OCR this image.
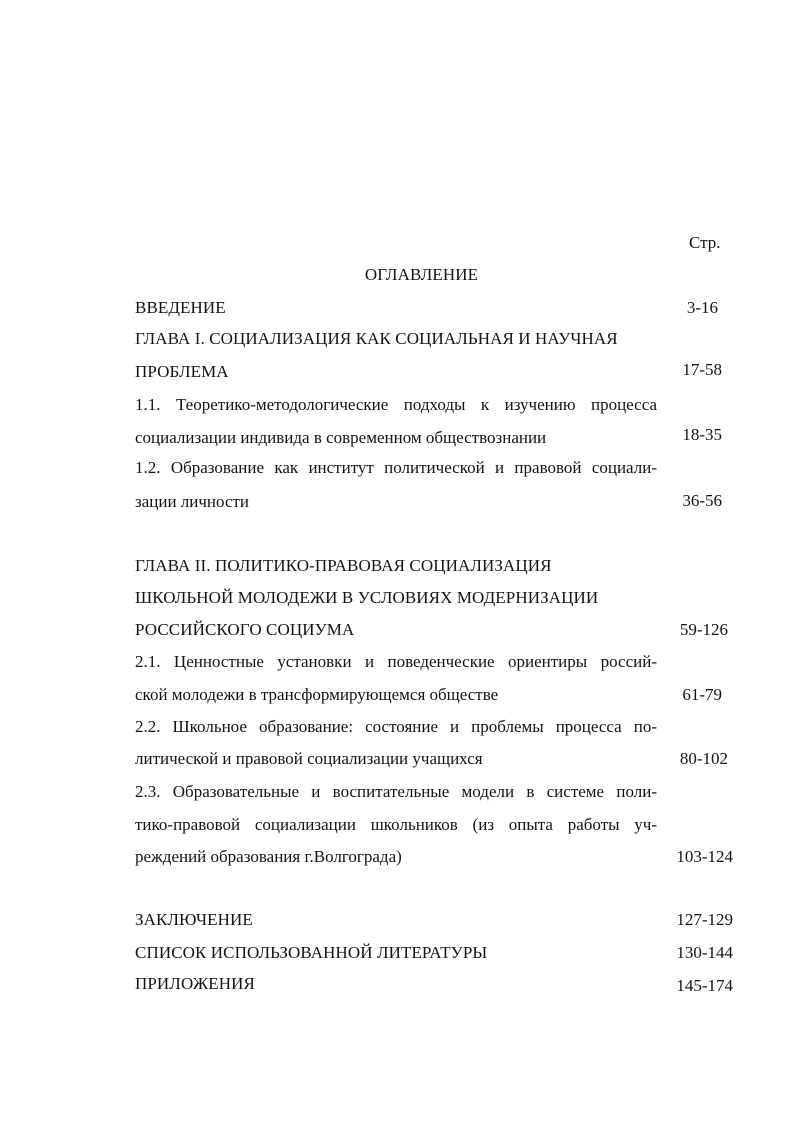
Стр.
ОГЛАВЛЕНИЕ
ВВЕДЕНИЕ	3-16
ГЛАВА I. СОЦИАЛИЗАЦИЯ КАК СОЦИАЛЬНАЯ И НАУЧНАЯ
ПРОБЛЕМА	17-58
1.1. Теоретико-методологические подходы к изучению процесса
социализации индивида в современном обществознании	18-35
1.2. Образование как институт политической и правовой социали-
зации личности	36-56
ГЛАВА II. ПОЛИТИКО-ПРАВОВАЯ СОЦИАЛИЗАЦИЯ
ШКОЛЬНОЙ МОЛОДЕЖИ В УСЛОВИЯХ МОДЕРНИЗАЦИИ
РОССИЙСКОГО СОЦИУМА	59-126
2.1. Ценностные установки и поведенческие ориентиры россий-
ской молодежи в трансформирующемся обществе	61-79
2.2. Школьное образование: состояние и проблемы процесса по-
литической и правовой социализации учащихся	80-102
2.3. Образовательные и воспитательные модели в системе поли-
тико-правовой социализации школьников (из опыта работы уч-
реждений образования г.Волгограда)	103-124
ЗАКЛЮЧЕНИЕ	127-129
СПИСОК ИСПОЛЬЗОВАННОЙ ЛИТЕРАТУРЫ	130-144
ПРИЛОЖЕНИЯ	145-174
